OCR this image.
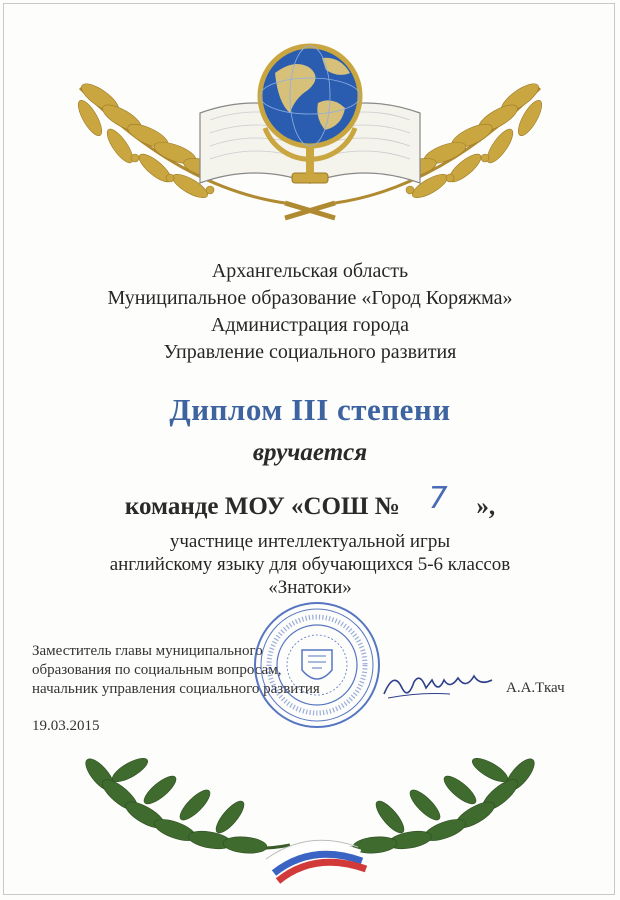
Архангельская область
Муниципальное образование «Город Коряжма»
Администрация города
Управление социального развития
Диплом III степени
вручается
команде МОУ «СОШ № 7 »,
участнице интеллектуальной игры
английскому языку для обучающихся 5-6 классов
«Знатоки»
Заместитель главы муниципального
образования по социальным вопросам,
начальник управления социального развития	А.А.Ткач
19.03.2015
